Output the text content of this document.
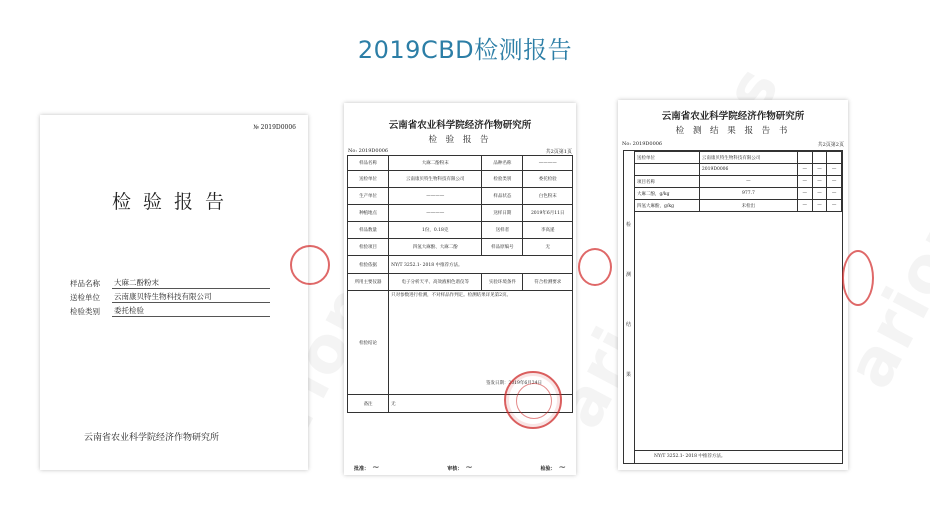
2019CBD检测报告
№ 2019D0006
检验报告
样品名称	大麻二酚粉末
送检单位	云南康贝特生物科技有限公司
检验类别	委托检验
云南省农业科学院经济作物研究所
云南省农业科学院经济作物研究所
检 验 报 告
No: 2019D0006	共2页第1页
样品名称	大麻二酚粉末	品种名称	————
送检单位	云南康贝特生物科技有限公司	检验类别	委托检验
生产单位	————	样品状态	白色粉末
种植地点	————	送样日期	2019年6月11日
样品数量	1份，0.18克	送样者	李高递
检验项目	四氢大麻酚、大麻二酚	样品原编号	无
检验依据	NY/T 3252.1- 2018 中推荐方法。		
所用主要仪器	电子分析天平、高效液相色谱仪等	实验环境条件	符合检测要求
检验结论	只对参数进行检测，不对样品作判定。检测结果详见第2页。
签发日期：2019年6月24日		

备注	无		
批准： ~	审核： ~	检验： ~
云南省农业科学院经济作物研究所
检 测 结 果 报 告 书
No: 2019D0006	共2页第2页
检
测
结
果
送检单位	云南康贝特生物科技有限公司			
	2019D0006	—	—	—
项目名称	—	—	—	—
大麻二酚，g/kg	977.7	—	—	—
四氢大麻酚，g/kg	未检出	—	—	—
NY/T 3252.1- 2018 中推荐方法。
